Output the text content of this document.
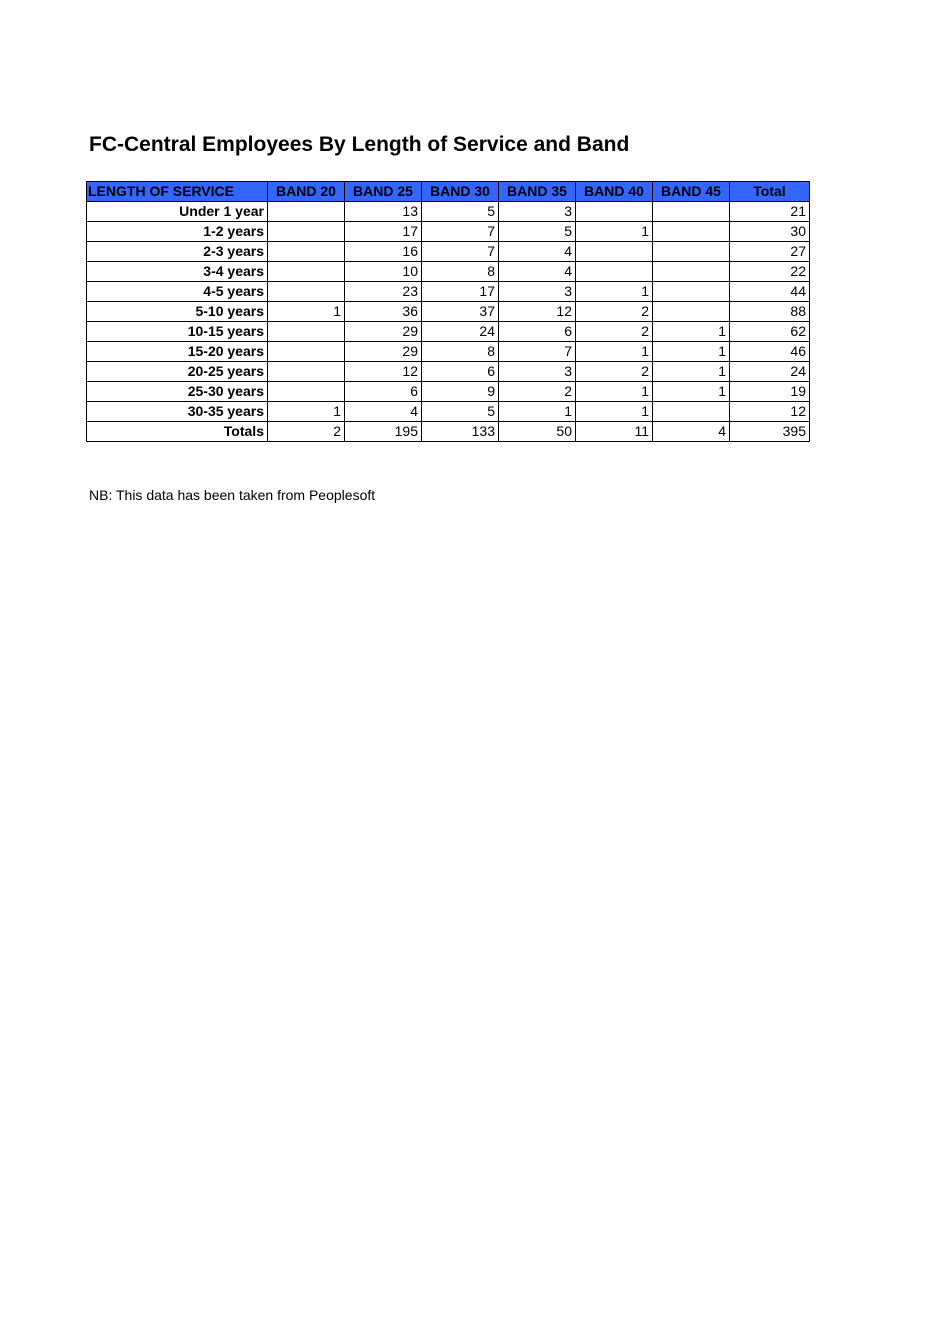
FC-Central Employees By Length of Service and Band
LENGTH OF SERVICE	BAND 20	BAND 25	BAND 30	BAND 35	BAND 40	BAND 45	Total
Under 1 year		13	5	3			21
1-2 years		17	7	5	1		30
2-3 years		16	7	4			27
3-4 years		10	8	4			22
4-5 years		23	17	3	1		44
5-10 years	1	36	37	12	2		88
10-15 years		29	24	6	2	1	62
15-20 years		29	8	7	1	1	46
20-25 years		12	6	3	2	1	24
25-30 years		6	9	2	1	1	19
30-35 years	1	4	5	1	1		12
Totals	2	195	133	50	11	4	395
NB: This data has been taken from Peoplesoft
